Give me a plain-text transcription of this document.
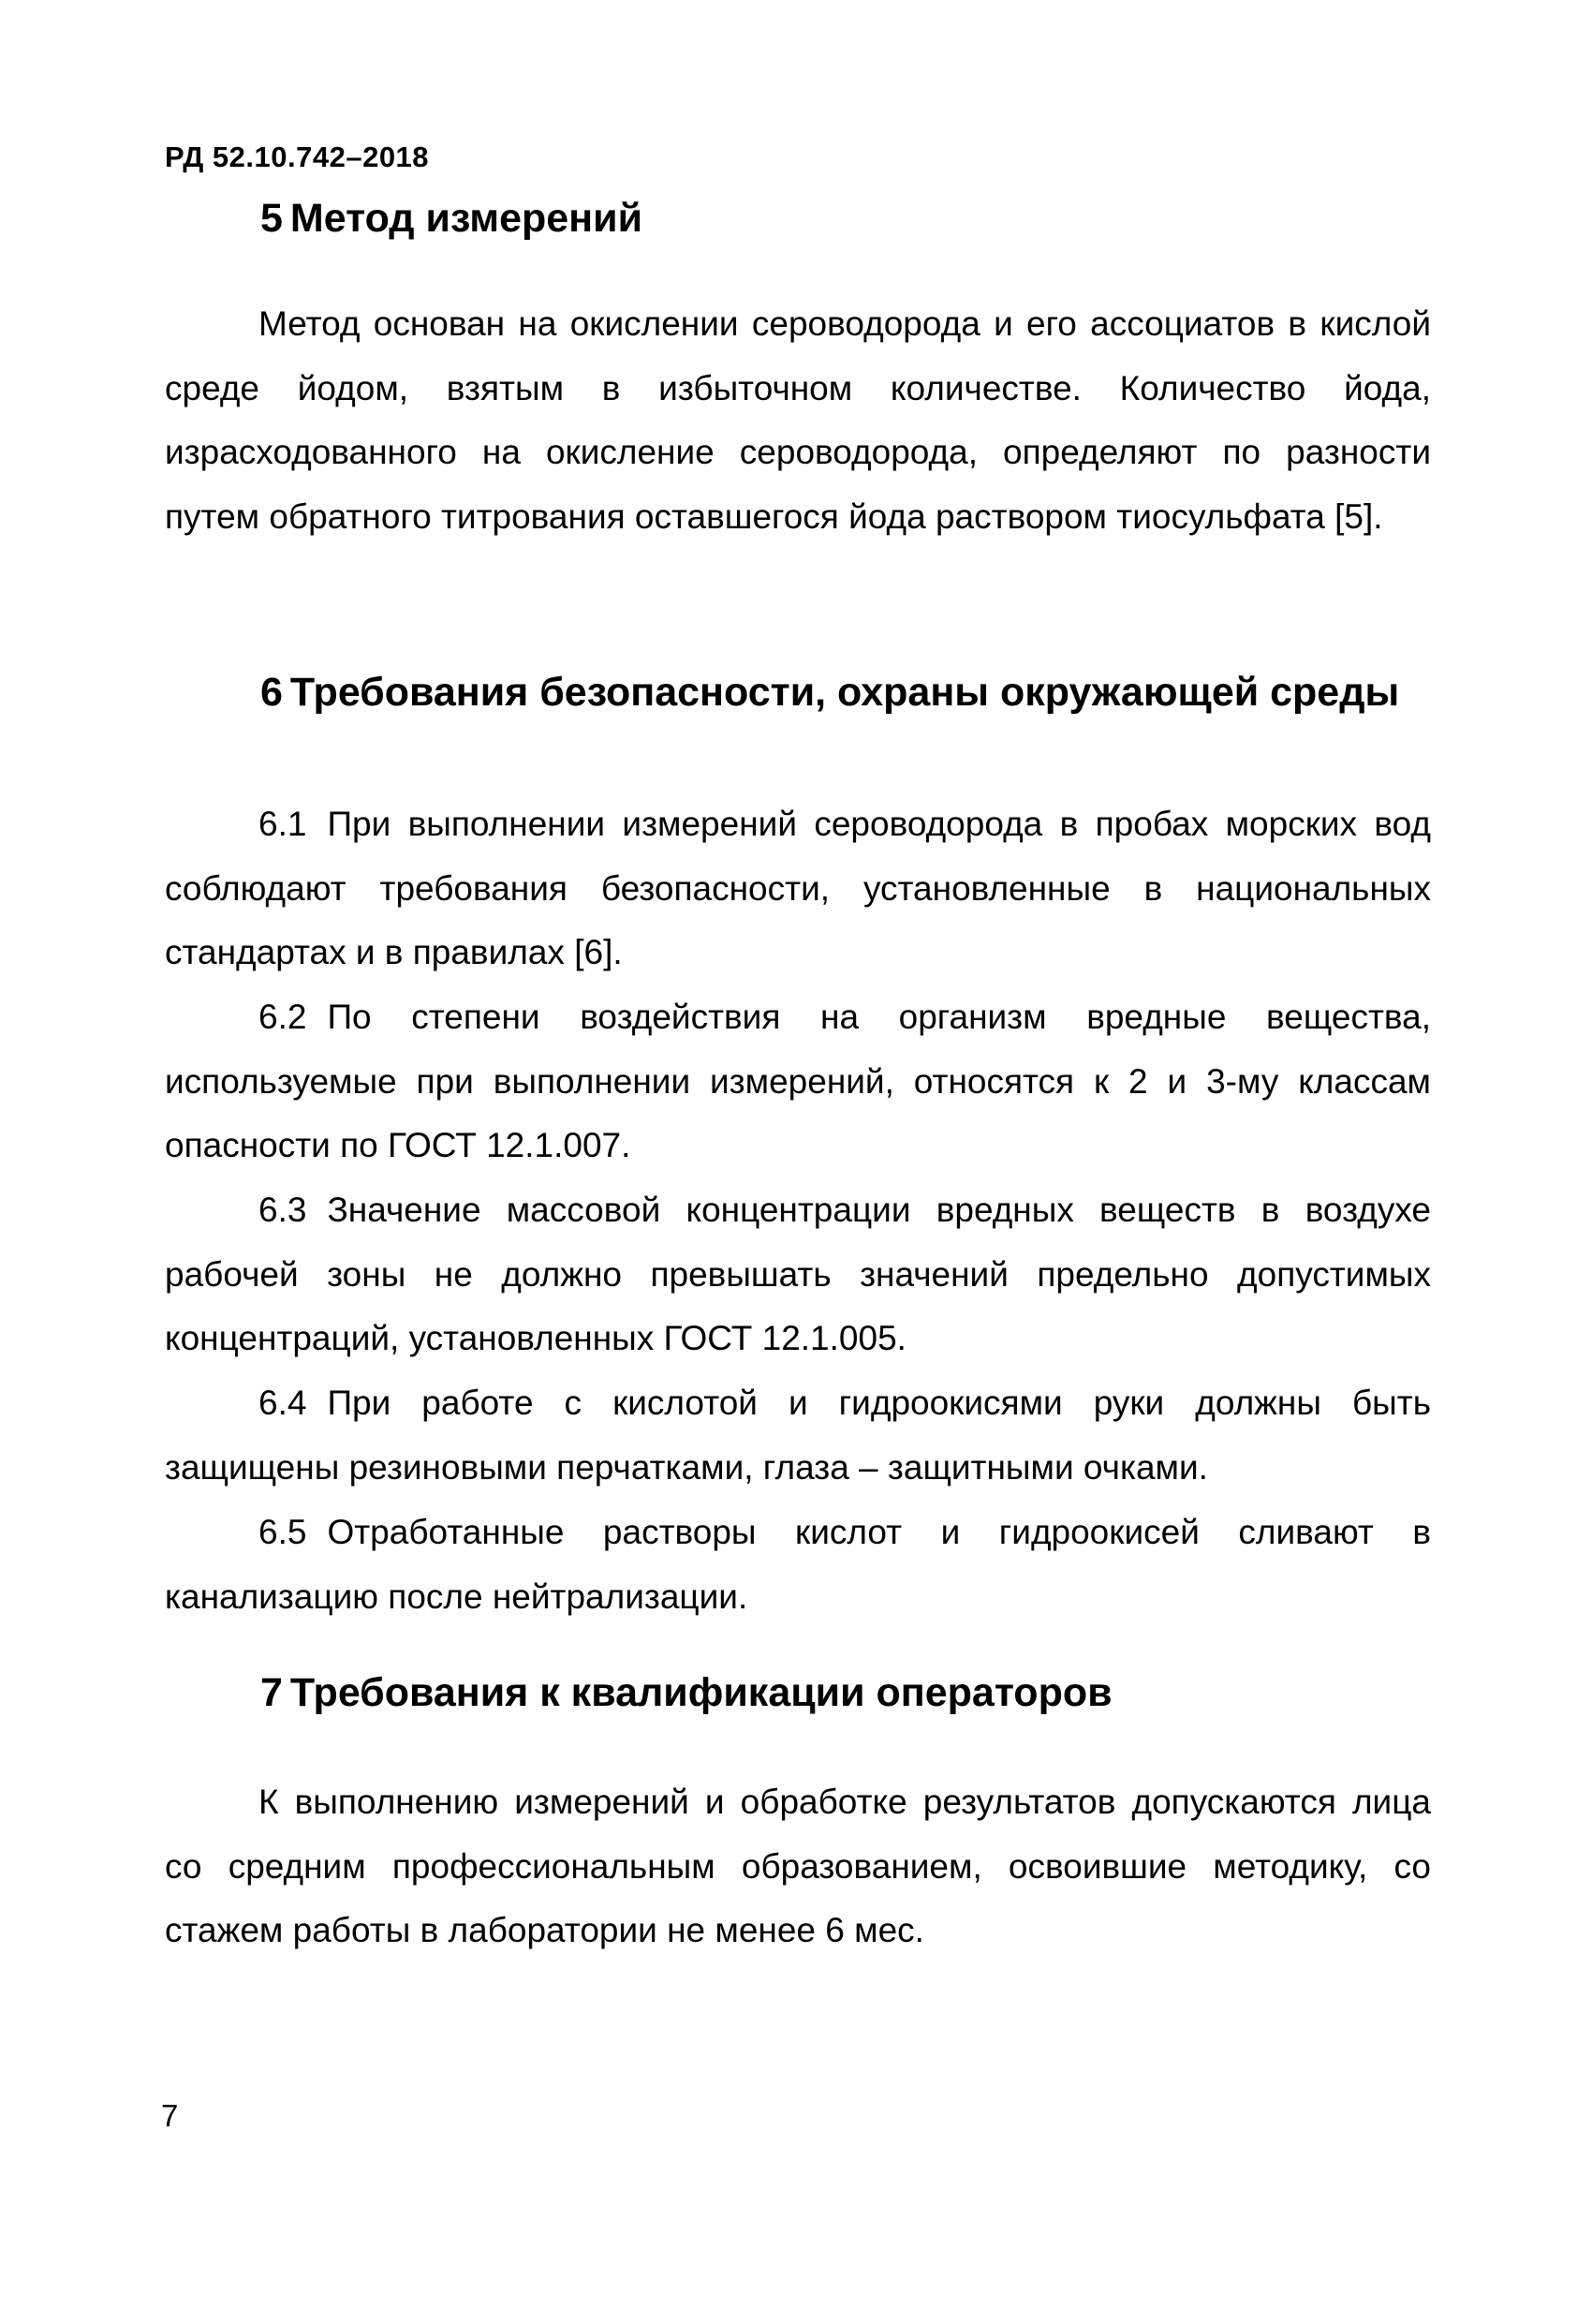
РД 52.10.742–2018
5 Метод измерений

Метод основан на окислении сероводорода и его ассоциатов в кислой среде йодом, взятым в избыточном количестве. Количество йода, израсходованного на окисление сероводорода, определяют по разности путем обратного титрования оставшегося йода раствором тиосульфата [5].

6 Требования безопасности, охраны окружающей среды

6.1 При выполнении измерений сероводорода в пробах морских вод соблюдают требования безопасности, установленные в национальных стандартах и в правилах [6].

6.2 По степени воздействия на организм вредные вещества, используемые при выполнении измерений, относятся к 2 и 3-му классам опасности по ГОСТ 12.1.007.

6.3 Значение массовой концентрации вредных веществ в воздухе рабочей зоны не должно превышать значений предельно допустимых концентраций, установленных ГОСТ 12.1.005.

6.4 При работе с кислотой и гидроокисями руки должны быть защищены резиновыми перчатками, глаза – защитными очками.

6.5 Отработанные растворы кислот и гидроокисей сливают в канализацию после нейтрализации.

7 Требования к квалификации операторов

К выполнению измерений и обработке результатов допускаются лица со средним профессиональным образованием, освоившие методику, со стажем работы в лаборатории не менее 6 мес.

7
